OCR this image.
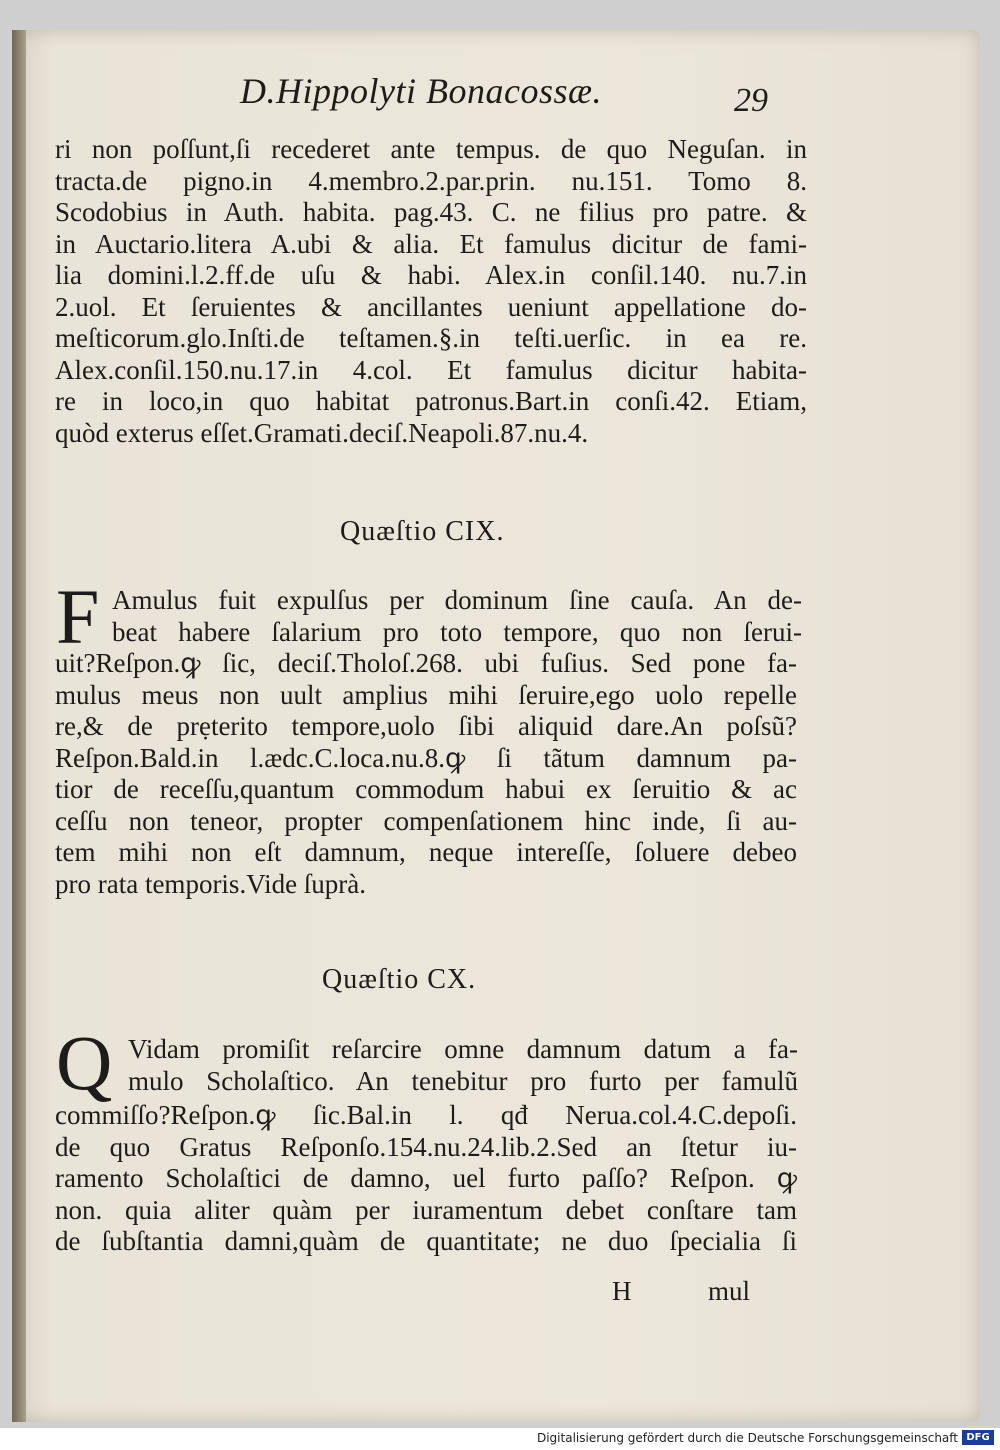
D.Hippolyti Bonacossæ.	29
ri non poſſunt,ſi recederet ante tempus. de quo Neguſan. in
tracta.de pigno.in 4.membro.2.par.prin. nu.151. Tomo 8.
Scodobius in Auth. habita. pag.43. C. ne filius pro patre. &
in Auctario.litera A.ubi & alia. Et famulus dicitur de fami-
lia domini.l.2.ff.de uſu & habi. Alex.in conſil.140. nu.7.in
2.uol. Et ſeruientes & ancillantes ueniunt appellatione do-
meſticorum.glo.Inſti.de teſtamen.§.in teſti.uerſic. in ea re.
Alex.conſil.150.nu.17.in 4.col. Et famulus dicitur habita-
re in loco,in quo habitat patronus.Bart.in conſi.42. Etiam,
quòd exterus eſſet.Gramati.deciſ.Neapoli.87.nu.4.
Quæſtio CIX.
F Amulus fuit expulſus per dominum ſine cauſa. An de-
beat habere ſalarium pro toto tempore, quo non ſerui-
uit?Reſpon.ꝙ ſic, deciſ.Tholoſ.268. ubi fuſius. Sed pone fa-
mulus meus non uult amplius mihi ſeruire,ego uolo repelle
re,& de prẹterito tempore,uolo ſibi aliquid dare.An poſsũ?
Reſpon.Bald.in l.ædc.C.loca.nu.8.ꝙ ſi tãtum damnum pa-
tior de receſſu,quantum commodum habui ex ſeruitio & ac
ceſſu non teneor, propter compenſationem hinc inde, ſi au-
tem mihi non eſt damnum, neque intereſſe, ſoluere debeo
pro rata temporis.Vide ſuprà.
Quæſtio CX.
Q Vidam promiſit reſarcire omne damnum datum a fa-
mulo Scholaſtico. An tenebitur pro furto per famulũ
commiſſo?Reſpon.ꝙ ſic.Bal.in l. qđ Nerua.col.4.C.depoſi.
de quo Gratus Reſponſo.154.nu.24.lib.2.Sed an ſtetur iu-
ramento Scholaſtici de damno, uel furto paſſo? Reſpon. ꝙ
non. quia aliter quàm per iuramentum debet conſtare tam
de ſubſtantia damni,quàm de quantitate; ne duo ſpecialia ſi
H	mul
Digitalisierung gefördert durch die Deutsche Forschungsgemeinschaft DFG
